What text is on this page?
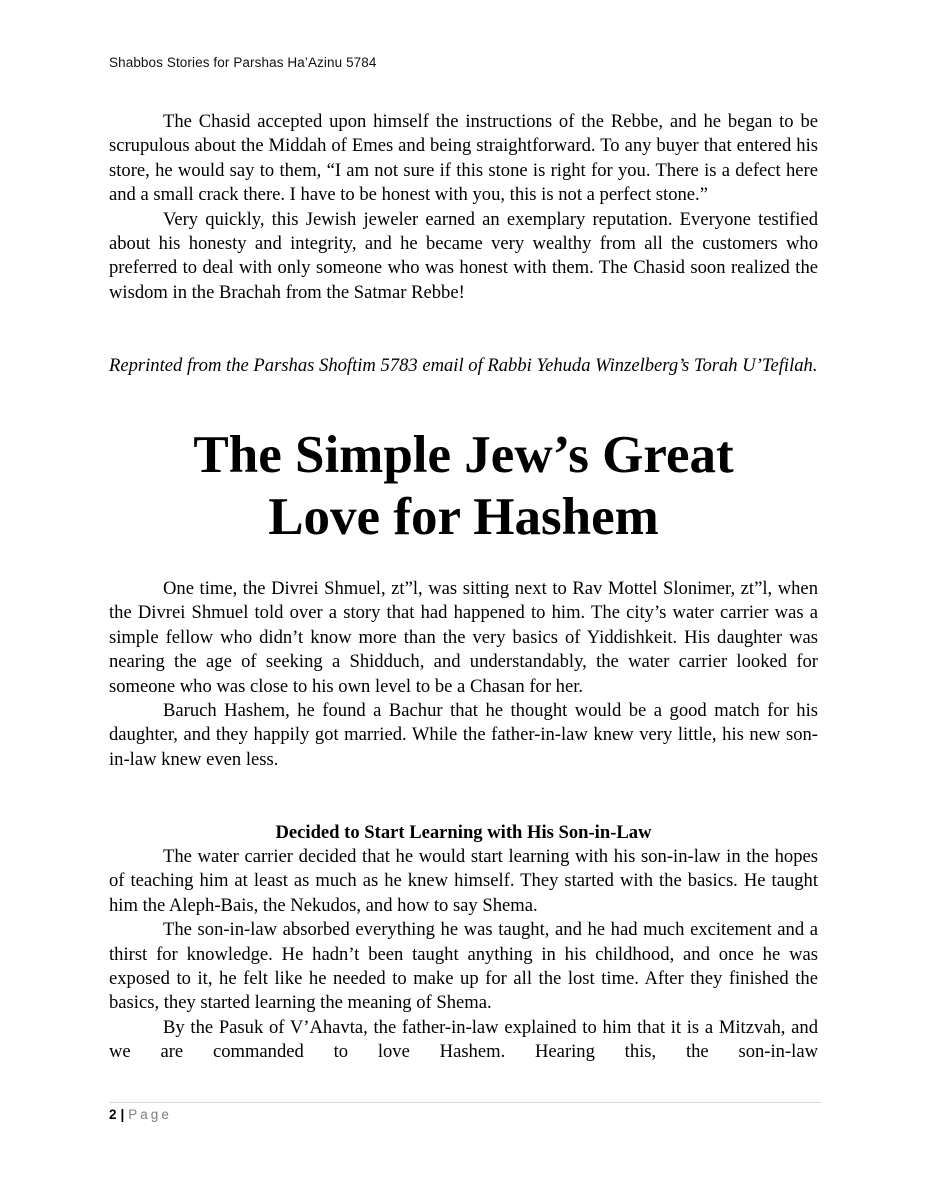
Shabbos Stories for Parshas Ha’Azinu 5784

The Chasid accepted upon himself the instructions of the Rebbe, and he began to be scrupulous about the Middah of Emes and being straightforward. To any buyer that entered his store, he would say to them, “I am not sure if this stone is right for you. There is a defect here and a small crack there. I have to be honest with you, this is not a perfect stone.”

Very quickly, this Jewish jeweler earned an exemplary reputation. Everyone testified about his honesty and integrity, and he became very wealthy from all the customers who preferred to deal with only someone who was honest with them. The Chasid soon realized the wisdom in the Brachah from the Satmar Rebbe!

Reprinted from the Parshas Shoftim 5783 email of Rabbi Yehuda Winzelberg’s Torah U’Tefilah.
The Simple Jew’s Great
Love for Hashem

One time, the Divrei Shmuel, zt”l, was sitting next to Rav Mottel Slonimer, zt”l, when the Divrei Shmuel told over a story that had happened to him. The city’s water carrier was a simple fellow who didn’t know more than the very basics of Yiddishkeit. His daughter was nearing the age of seeking a Shidduch, and understandably, the water carrier looked for someone who was close to his own level to be a Chasan for her.

Baruch Hashem, he found a Bachur that he thought would be a good match for his daughter, and they happily got married. While the father-in-law knew very little, his new son-in-law knew even less.

Decided to Start Learning with His Son-in-Law

The water carrier decided that he would start learning with his son-in-law in the hopes of teaching him at least as much as he knew himself. They started with the basics. He taught him the Aleph-Bais, the Nekudos, and how to say Shema.

The son-in-law absorbed everything he was taught, and he had much excitement and a thirst for knowledge. He hadn’t been taught anything in his childhood, and once he was exposed to it, he felt like he needed to make up for all the lost time. After they finished the basics, they started learning the meaning of Shema.

By the Pasuk of V’Ahavta, the father-in-law explained to him that it is a Mitzvah, and we are commanded to love Hashem. Hearing this, the son-in-law

2 | Page
